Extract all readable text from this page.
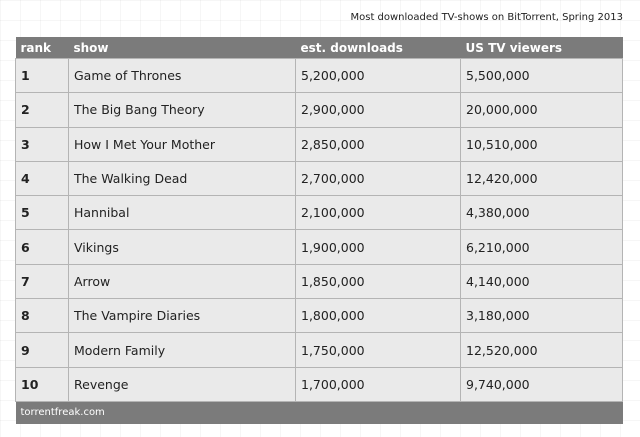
Most downloaded TV-shows on BitTorrent, Spring 2013
rank	show	est. downloads	US TV viewers
1	Game of Thrones	5,200,000	5,500,000
2	The Big Bang Theory	2,900,000	20,000,000
3	How I Met Your Mother	2,850,000	10,510,000
4	The Walking Dead	2,700,000	12,420,000
5	Hannibal	2,100,000	4,380,000
6	Vikings	1,900,000	6,210,000
7	Arrow	1,850,000	4,140,000
8	The Vampire Diaries	1,800,000	3,180,000
9	Modern Family	1,750,000	12,520,000
10	Revenge	1,700,000	9,740,000
torrentfreak.com			
